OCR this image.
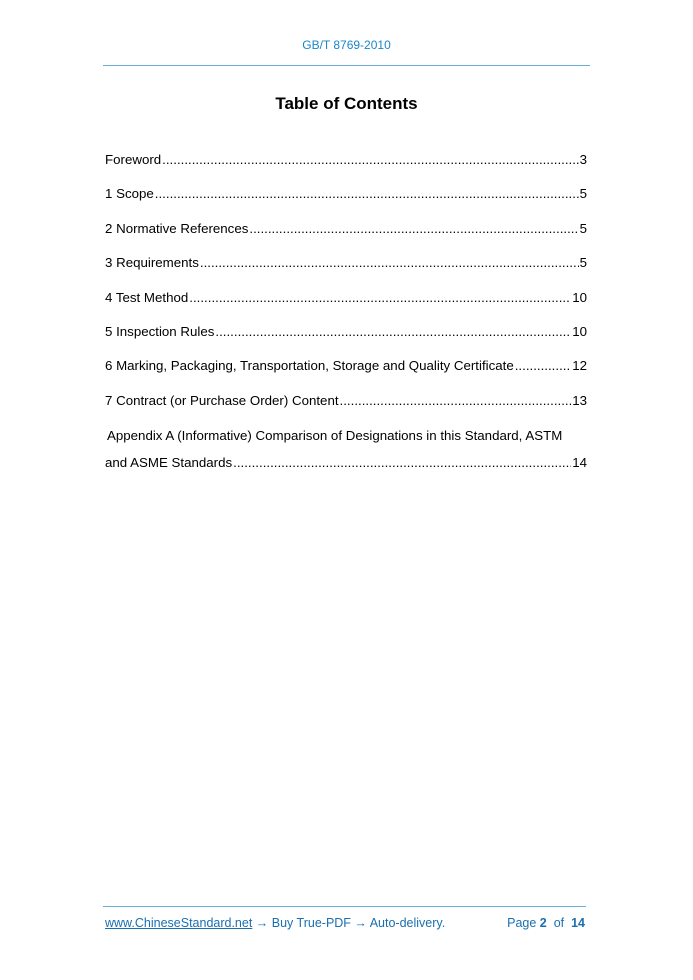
GB/T 8769-2010
Table of Contents
Foreword .....	3
1 Scope .....	5
2 Normative References .....	5
3 Requirements .....	5
4 Test Method .....	10
5 Inspection Rules .....	10
6 Marking, Packaging, Transportation, Storage and Quality Certificate .....	12
7 Contract (or Purchase Order) Content .....	13
Appendix A (Informative) Comparison of Designations in this Standard, ASTM
and ASME Standards .....	14
www.ChineseStandard.net → Buy True-PDF → Auto-delivery.	Page 2 of 14
